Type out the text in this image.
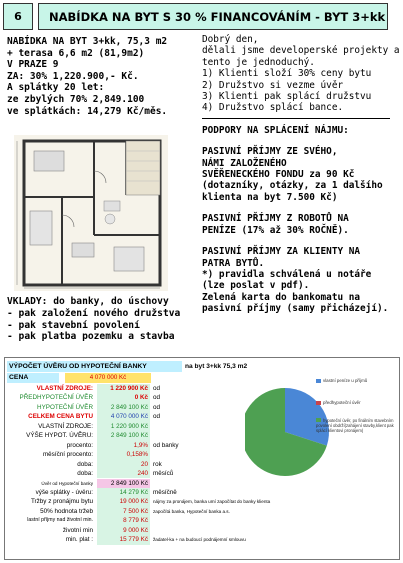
6	NABÍDKA NA BYT S 30 % FINANCOVÁNÍM - BYT 3+kk
NABÍDKA NA BYT 3+kk, 75,3 m2
+ terasa 6,6 m2 (81,9m2)
V PRAZE 9
ZA: 30% 1,220.900,- Kč.
A splátky 20 let:
ze zbylých 70% 2,849.100
ve splátkách: 14,279 Kč/měs.
Dobrý den,
dělali jsme developerské projekty a
tento je jednoduchý.
1) Klienti složí 30% ceny bytu
2) Družstvo si vezme úvěr
3) Klienti pak splácí družstvu
4) Družstvo splácí bance.
PODPORY NA SPLÁCENÍ NÁJMU:
PASIVNÍ PŘÍJMY ZE SVÉHO,
NÁMI ZALOŽENÉHO
SVĚŘENECKÉHO FONDU za 90 Kč
(dotazníky, otázky, za 1 dalšího
klienta na byt 7.500 Kč)
PASIVNÍ PŘÍJMY Z ROBOTŮ NA
PENÍZE (17% až 30% ROČNĚ).
PASIVNÍ PŘÍJMY ZA KLIENTY NA
PATRA BYTŮ.
*) pravidla schválená u notáře
(lze poslat v pdf).
Zelená karta do bankomatu na
pasivní příjmy (samy přicházejí).
VKLADY: do banky, do úschovy
- pak založení nového družstva
- pak stavební povolení
- pak platba pozemku a stavba
VÝPOČET ÚVĚRU OD HYPOTEČNÍ BANKY	na byt 3+kk 75,3 m2
CENA	4 070 000 Kč
VLASTNÍ ZDROJE:	1 220 900 Kč od
PŘEDHYPOTEČNÍ ÚVĚR	0 Kč od
HYPOTEČNÍ ÚVĚR	2 849 100 Kč od
CELKEM CENA BYTU	4 070 000 Kč od
VLASTNÍ ZDROJE:	1 220 900 Kč
VÝŠE HYPOT. ÚVĚRU:	2 849 100 Kč
procento:	1,9% od banky
měsíční procento:	0,158%
doba:	20 rok
doba:	240 měsíců
Úvěr od Hypoteční banky	2 849 100 Kč
výše splátky - úvěru:	14 279 Kč měsíčně
Tržby z pronájmu bytu	19 000 Kč	nájmy za pronájem, banka umí započítat do banky klienta
50% hodnota tržeb	7 500 Kč	započítá banka, Hypoteční banka a.s.
lastní příjmy nad životní min.	8 779 Kč
životní min	9 000 Kč
min. plat :	15 779 Kč	žadatel-ka + na budoucí podnájemní smlouvu
vlastní peníze u příjmů
předhypoteční úvěr
hypoteční úvěr, po finálním stavebním povolení obdrží(zahájení stavby,klient pak splácí klientovi pronájem)
